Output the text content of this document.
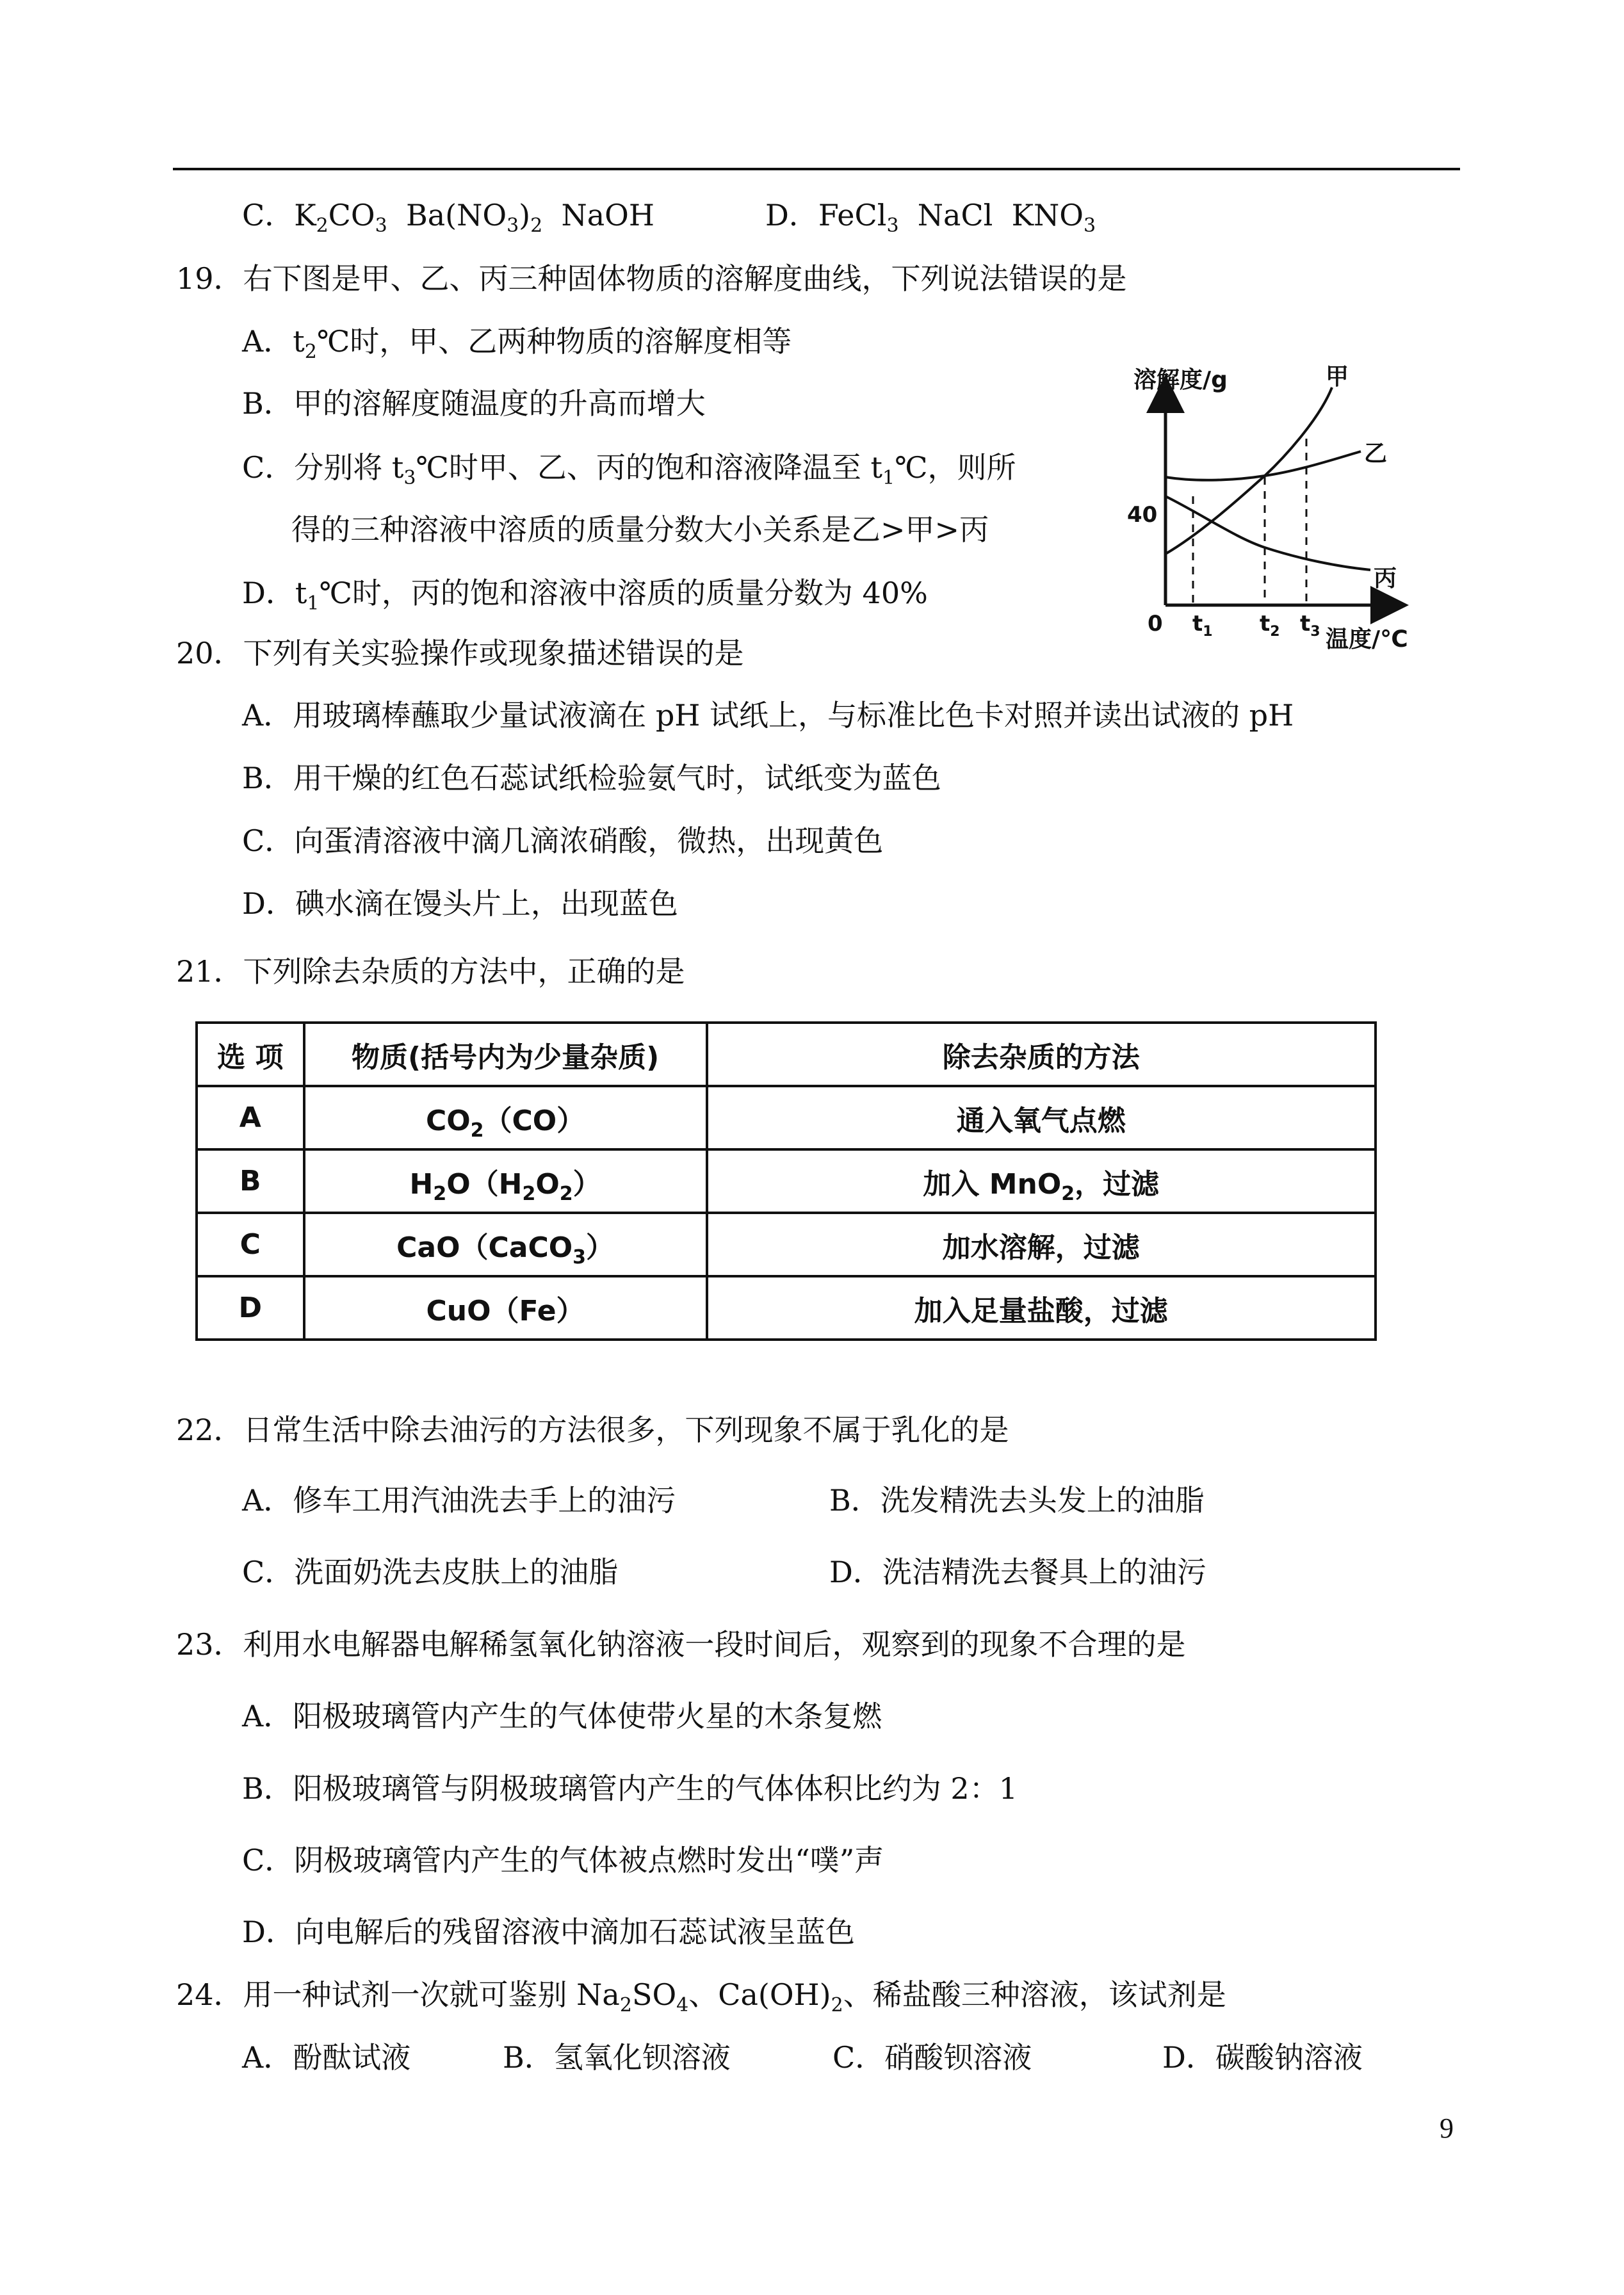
C．$K_2CO_3$ $Ba(NO_3)_2$ NaOH	D．FeCl$_3$ NaCl $KNO_3$
19．右下图是甲、乙、丙三种固体物质的溶解度曲线，下列说法错误的是
A．$t_2℃$时，甲、乙两种物质的溶解度相等
B．甲的溶解度随温度的升高而增大
C．分别将 $t_3℃$时甲、乙、丙的饱和溶液降温至 $t_1℃$，则所
得的三种溶液中溶质的质量分数大小关系是乙>甲>丙
D．$t_1℃$时，丙的饱和溶液中溶质的质量分数为 40%
溶解度/g
温度/℃
0
40
$t_1$ $t_2$ $t_3$
甲
乙
丙
20．下列有关实验操作或现象描述错误的是
A．用玻璃棒蘸取少量试液滴在 pH 试纸上，与标准比色卡对照并读出试液的 pH
B．用干燥的红色石蕊试纸检验氨气时，试纸变为蓝色
C．向蛋清溶液中滴几滴浓硝酸，微热，出现黄色
D．碘水滴在馒头片上，出现蓝色
21．下列除去杂质的方法中，正确的是
选 项	物质(括号内为少量杂质)	除去杂质的方法
A	$CO_2(CO)$	通入氧气点燃
B	$H_2O(H_2O_2)$	加入 MnO$_2$，过滤
C	CaO（CaCO$_3$）	加水溶解，过滤
D	CuO（Fe）	加入足量盐酸，过滤
22．日常生活中除去油污的方法很多，下列现象不属于乳化的是
A．修车工用汽油洗去手上的油污	B．洗发精洗去头发上的油脂
C．洗面奶洗去皮肤上的油脂	D．洗洁精洗去餐具上的油污
23．利用水电解器电解稀氢氧化钠溶液一段时间后，观察到的现象不合理的是
A．阳极玻璃管内产生的气体使带火星的木条复燃
B．阳极玻璃管与阴极玻璃管内产生的气体体积比约为 2：1
C．阴极玻璃管内产生的气体被点燃时发出“噗”声
D．向电解后的残留溶液中滴加石蕊试液呈蓝色
24．用一种试剂一次就可鉴别 $Na_2SO_4$、$Ca(OH)_2$、稀盐酸三种溶液，该试剂是
A．酚酞试液	B．氢氧化钡溶液	C．硝酸钡溶液	D．碳酸钠溶液
9
